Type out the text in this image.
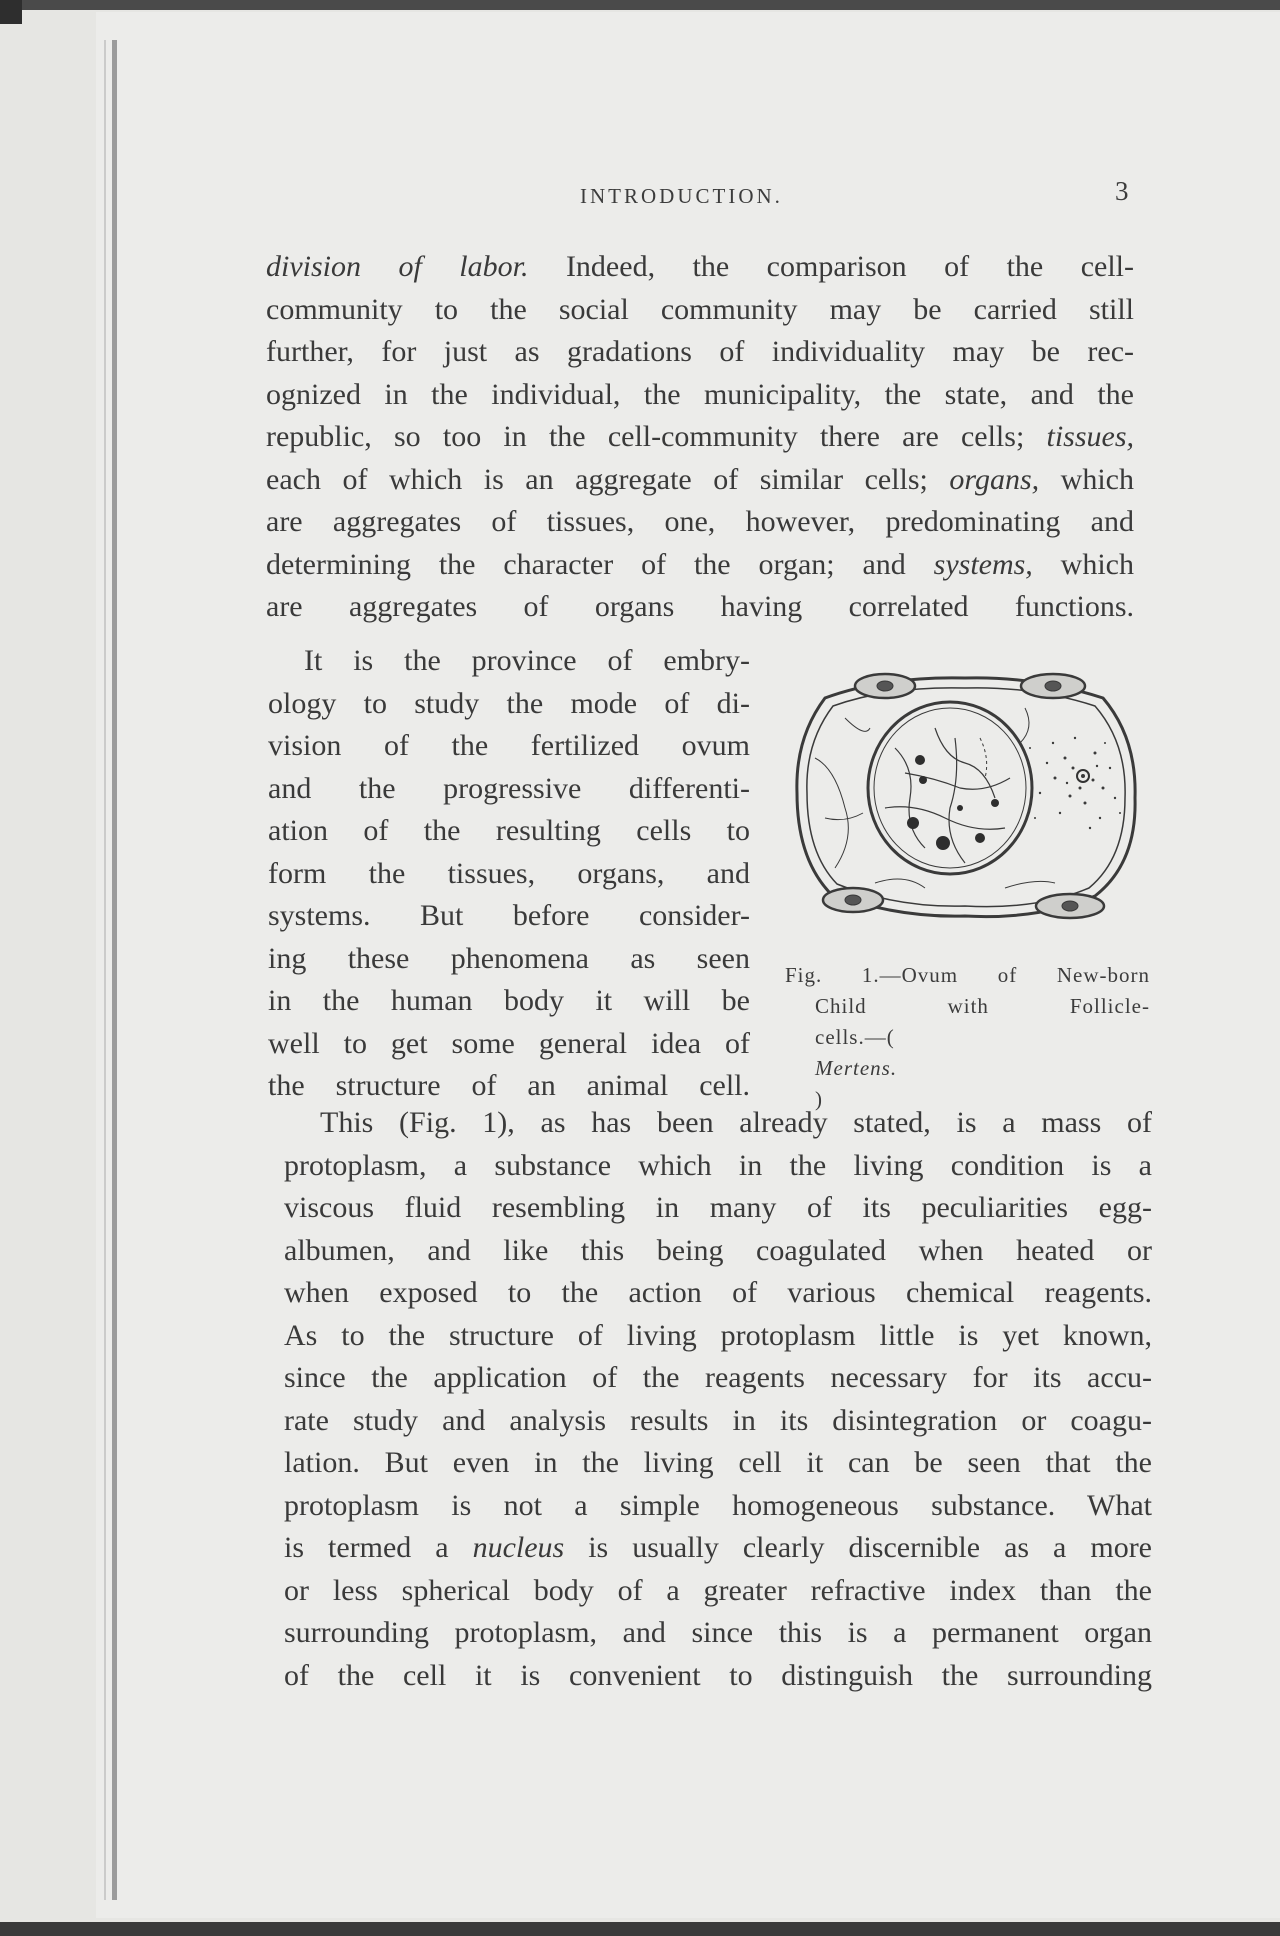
INTRODUCTION.	3
division of labor. Indeed, the comparison of the cell-
community to the social community may be carried still
further, for just as gradations of individuality may be rec-
ognized in the individual, the municipality, the state, and the
republic, so too in the cell-community there are cells; tissues,
each of which is an aggregate of similar cells; organs, which
are aggregates of tissues, one, however, predominating and
determining the character of the organ; and systems, which
are aggregates of organs having correlated functions.
It is the province of embry-
ology to study the mode of di-
vision of the fertilized ovum
and the progressive differenti-
ation of the resulting cells to
form the tissues, organs, and
systems. But before consider-
ing these phenomena as seen
in the human body it will be
well to get some general idea of
the structure of an animal cell.
Fig. 1.—Ovum of New-born
Child with Follicle-
cells.—(
Mertens.
)
This (Fig. 1), as has been already stated, is a mass of
protoplasm, a substance which in the living condition is a
viscous fluid resembling in many of its peculiarities egg-
albumen, and like this being coagulated when heated or
when exposed to the action of various chemical reagents.
As to the structure of living protoplasm little is yet known,
since the application of the reagents necessary for its accu-
rate study and analysis results in its disintegration or coagu-
lation. But even in the living cell it can be seen that the
protoplasm is not a simple homogeneous substance. What
is termed a nucleus is usually clearly discernible as a more
or less spherical body of a greater refractive index than the
surrounding protoplasm, and since this is a permanent organ
of the cell it is convenient to distinguish the surrounding
